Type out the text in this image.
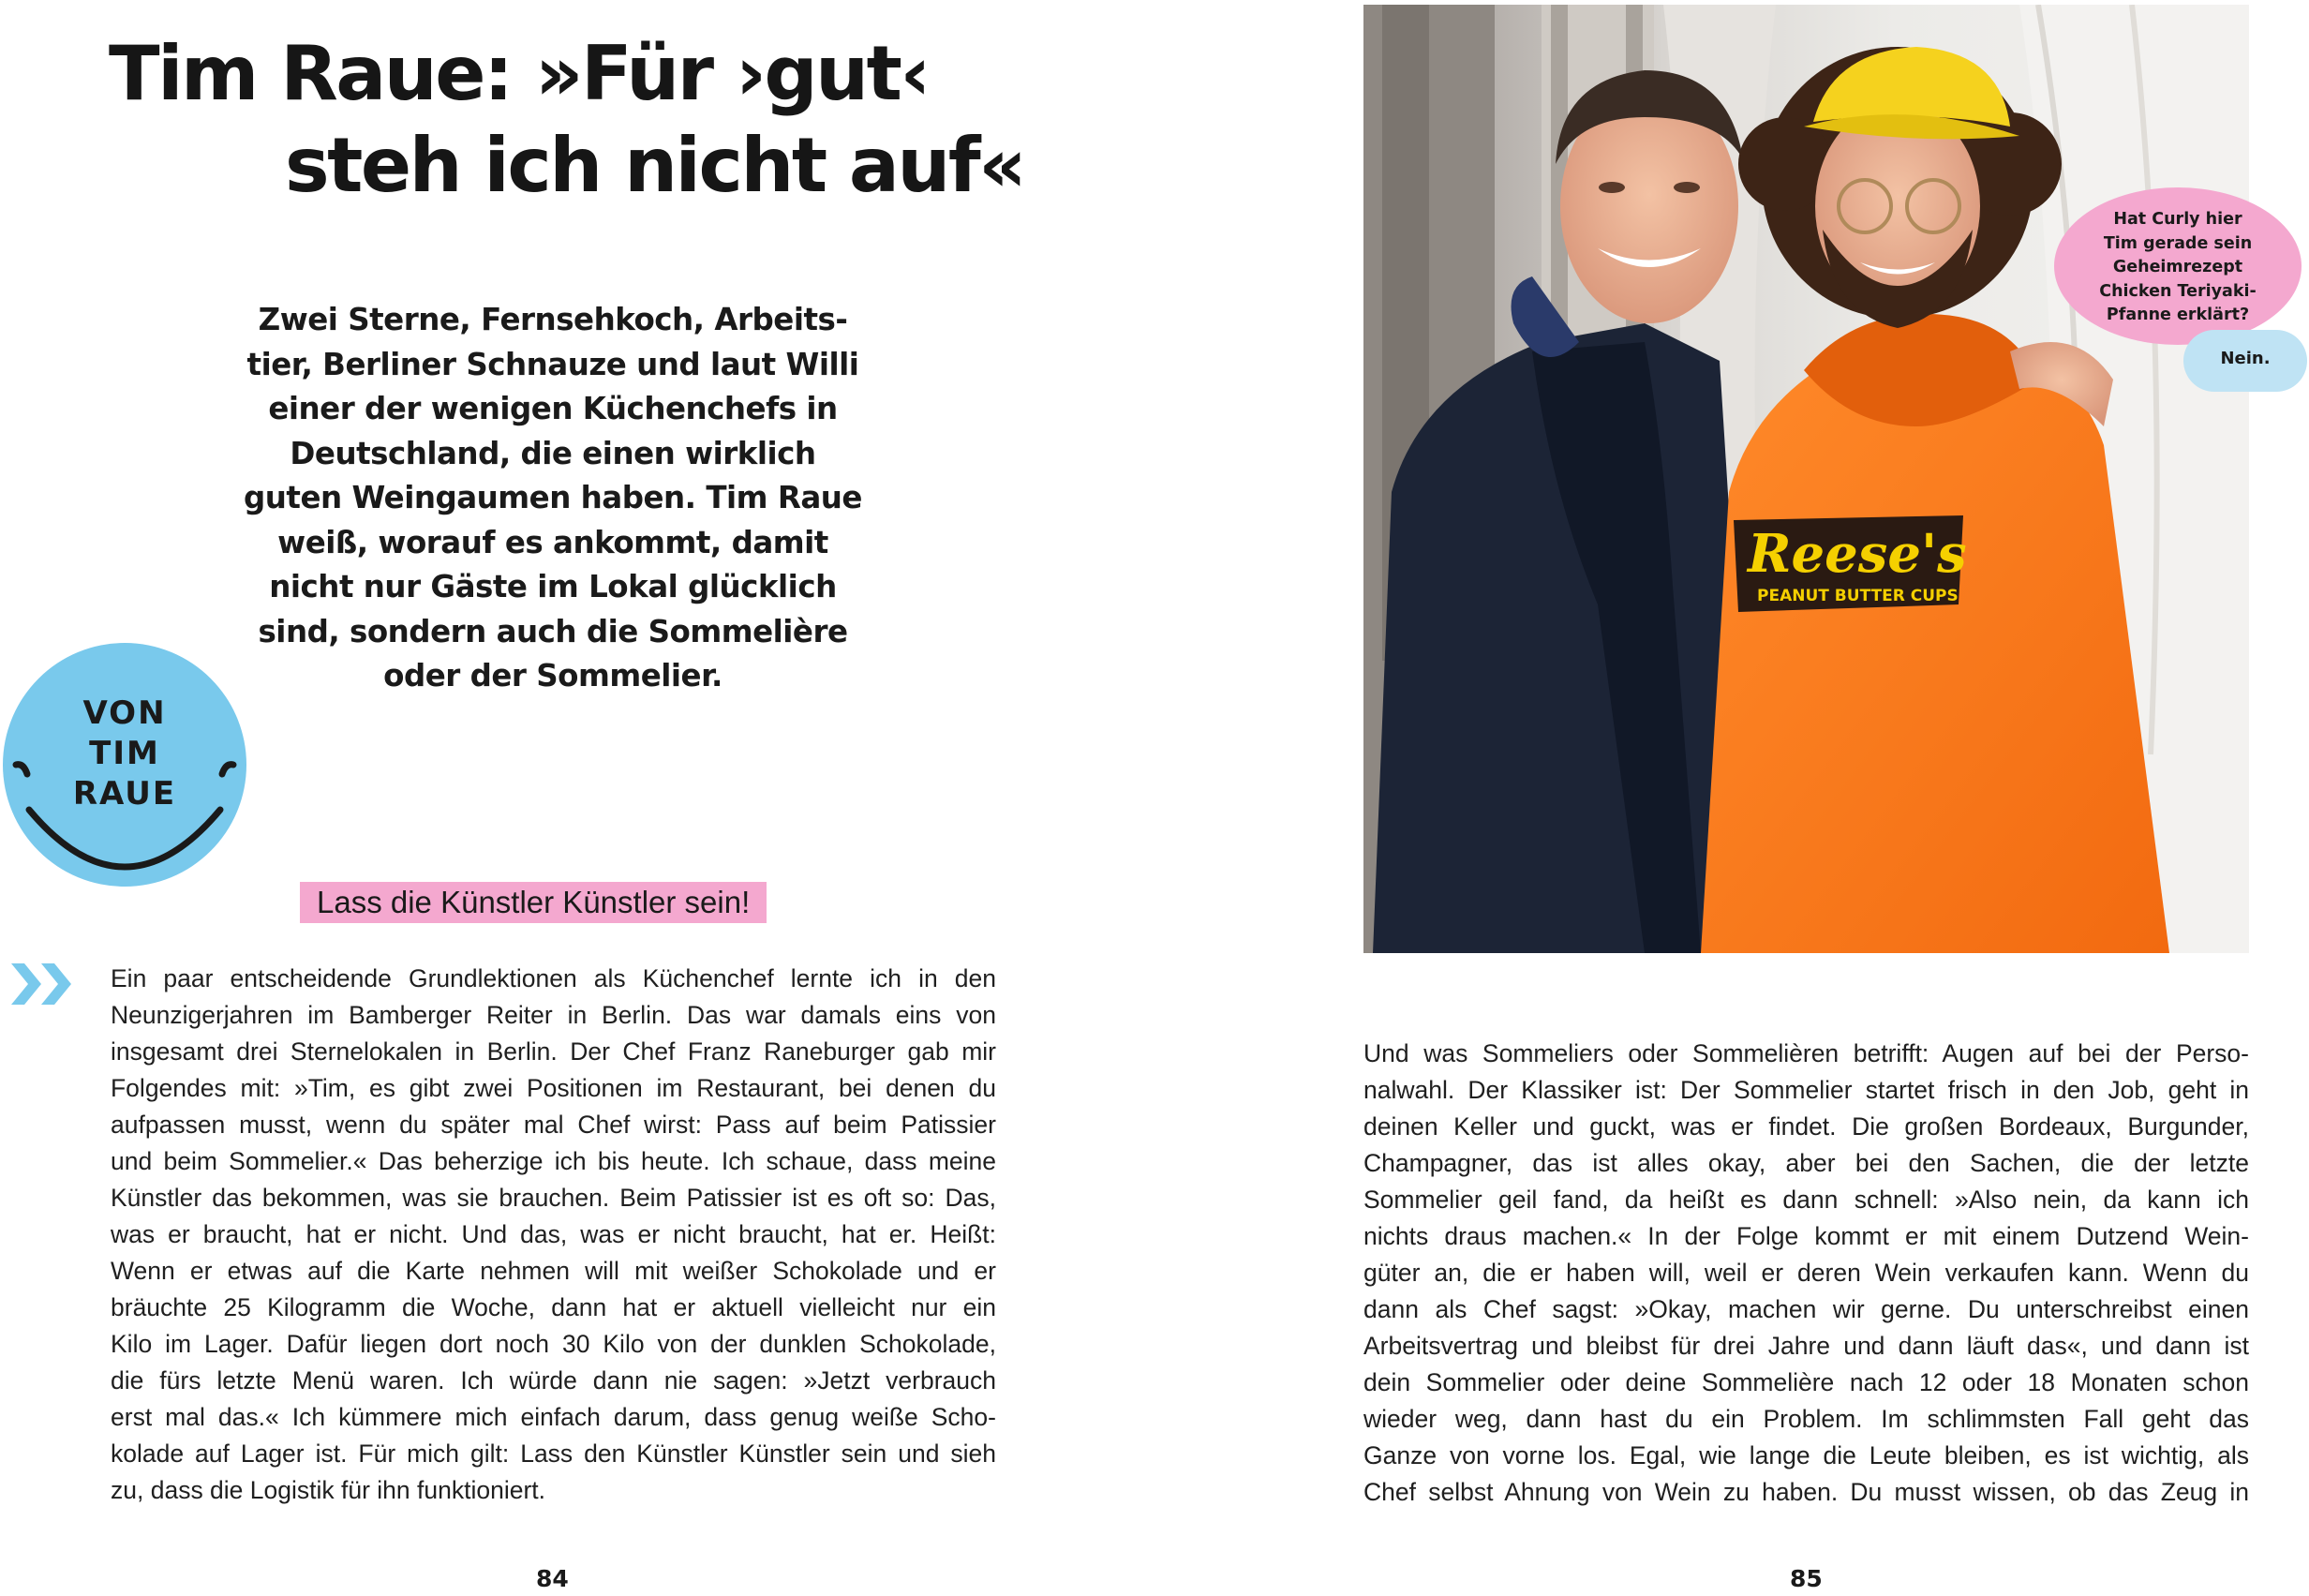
Tim Raue: »Für ›gut‹
steh ich nicht auf«
Zwei Sterne, Fernsehkoch, Arbeits-
tier, Berliner Schnauze und laut Willi
einer der wenigen Küchenchefs in
Deutschland, die einen wirklich
guten Weingaumen haben. Tim Raue
weiß, worauf es ankommt, damit
nicht nur Gäste im Lokal glücklich
sind, sondern auch die Sommelière
oder der Sommelier.
VON
TIM
RAUE
Lass die Künstler Künstler sein!
Ein paar entscheidende Grundlektionen als Küchenchef lernte ich in den
Neunzigerjahren im Bamberger Reiter in Berlin. Das war damals eins von
insgesamt drei Sternelokalen in Berlin. Der Chef Franz Raneburger gab mir
Folgendes mit: »Tim, es gibt zwei Positionen im Restaurant, bei denen du
aufpassen musst, wenn du später mal Chef wirst: Pass auf beim Patissier
und beim Sommelier.« Das beherzige ich bis heute. Ich schaue, dass meine
Künstler das bekommen, was sie brauchen. Beim Patissier ist es oft so: Das,
was er braucht, hat er nicht. Und das, was er nicht braucht, hat er. Heißt:
Wenn er etwas auf die Karte nehmen will mit weißer Schokolade und er
bräuchte 25 Kilogramm die Woche, dann hat er aktuell vielleicht nur ein
Kilo im Lager. Dafür liegen dort noch 30 Kilo von der dunklen Schokolade,
die fürs letzte Menü waren. Ich würde dann nie sagen: »Jetzt verbrauch
erst mal das.« Ich kümmere mich einfach darum, dass genug weiße Scho-
kolade auf Lager ist. Für mich gilt: Lass den Künstler Künstler sein und sieh
zu, dass die Logistik für ihn funktioniert.
84
Reese's
PEANUT BUTTER CUPS
Hat Curly hier
Tim gerade sein
Geheimrezept
Chicken Teriyaki-
Pfanne erklärt?
Nein.
Und was Sommeliers oder Sommelièren betrifft: Augen auf bei der Perso-
nalwahl. Der Klassiker ist: Der Sommelier startet frisch in den Job, geht in
deinen Keller und guckt, was er findet. Die großen Bordeaux, Burgunder,
Champagner, das ist alles okay, aber bei den Sachen, die der letzte
Sommelier geil fand, da heißt es dann schnell: »Also nein, da kann ich
nichts draus machen.« In der Folge kommt er mit einem Dutzend Wein-
güter an, die er haben will, weil er deren Wein verkaufen kann. Wenn du
dann als Chef sagst: »Okay, machen wir gerne. Du unterschreibst einen
Arbeitsvertrag und bleibst für drei Jahre und dann läuft das«, und dann ist
dein Sommelier oder deine Sommelière nach 12 oder 18 Monaten schon
wieder weg, dann hast du ein Problem. Im schlimmsten Fall geht das
Ganze von vorne los. Egal, wie lange die Leute bleiben, es ist wichtig, als
Chef selbst Ahnung von Wein zu haben. Du musst wissen, ob das Zeug in
85
